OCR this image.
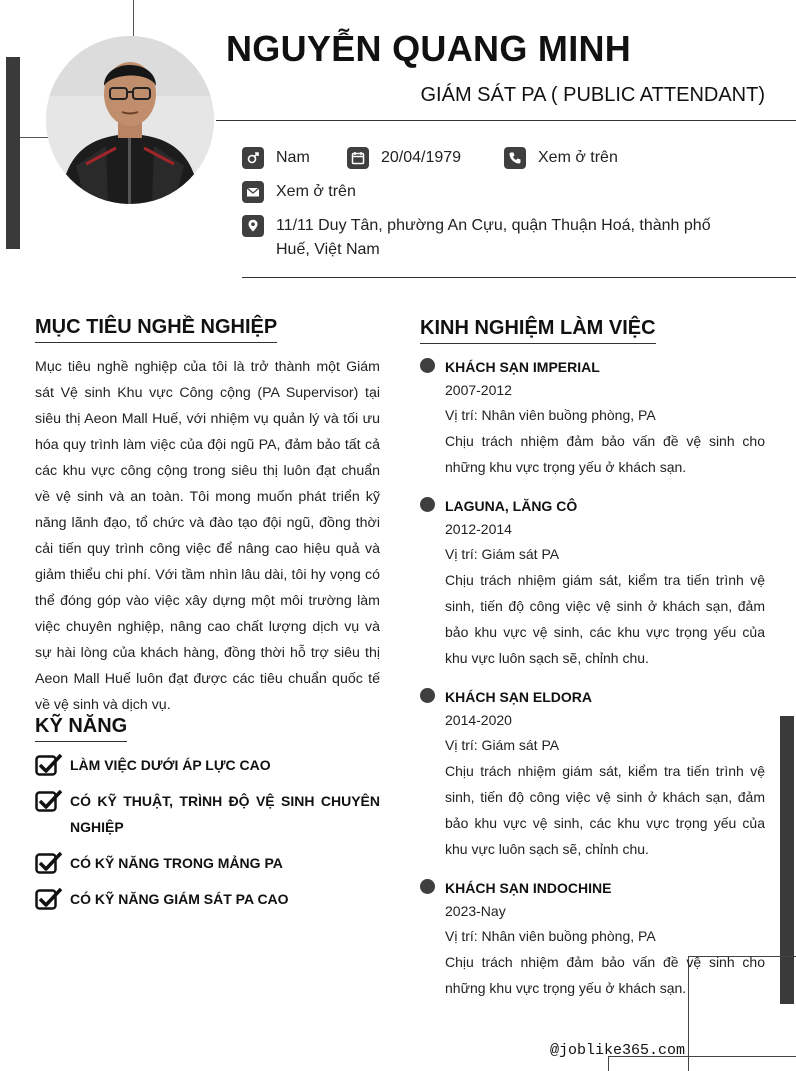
NGUYỄN QUANG MINH
GIÁM SÁT PA ( PUBLIC ATTENDANT)
Nam	20/04/1979	Xem ở trên
Xem ở trên
11/11 Duy Tân, phường An Cựu, quận Thuận Hoá, thành phố Huế, Việt Nam
MỤC TIÊU NGHỀ NGHIỆP
Mục tiêu nghề nghiệp của tôi là trở thành một Giám sát Vệ sinh Khu vực Công cộng (PA Supervisor) tại siêu thị Aeon Mall Huế, với nhiệm vụ quản lý và tối ưu hóa quy trình làm việc của đội ngũ PA, đảm bảo tất cả các khu vực công cộng trong siêu thị luôn đạt chuẩn về vệ sinh và an toàn. Tôi mong muốn phát triển kỹ năng lãnh đạo, tổ chức và đào tạo đội ngũ, đồng thời cải tiến quy trình công việc để nâng cao hiệu quả và giảm thiểu chi phí. Với tầm nhìn lâu dài, tôi hy vọng có thể đóng góp vào việc xây dựng một môi trường làm việc chuyên nghiệp, nâng cao chất lượng dịch vụ và sự hài lòng của khách hàng, đồng thời hỗ trợ siêu thị Aeon Mall Huế luôn đạt được các tiêu chuẩn quốc tế về vệ sinh và dịch vụ.
KỸ NĂNG
LÀM VIỆC DƯỚI ÁP LỰC CAO
CÓ KỸ THUẬT, TRÌNH ĐỘ VỆ SINH CHUYÊN NGHIỆP
CÓ KỸ NĂNG TRONG MẢNG PA
CÓ KỸ NĂNG GIÁM SÁT PA CAO
KINH NGHIỆM LÀM VIỆC
KHÁCH SẠN IMPERIAL
2007-2012
Vị trí: Nhân viên buồng phòng, PA
Chịu trách nhiệm đảm bảo vấn đề vệ sinh cho những khu vực trọng yếu ở khách sạn.
LAGUNA, LĂNG CÔ
2012-2014
Vị trí: Giám sát PA
Chịu trách nhiệm giám sát, kiểm tra tiến trình vệ sinh, tiến độ công việc vệ sinh ở khách sạn, đảm bảo khu vực vệ sinh, các khu vực trọng yếu của khu vực luôn sạch sẽ, chỉnh chu.
KHÁCH SẠN ELDORA
2014-2020
Vị trí: Giám sát PA
Chịu trách nhiệm giám sát, kiểm tra tiến trình vệ sinh, tiến độ công việc vệ sinh ở khách sạn, đảm bảo khu vực vệ sinh, các khu vực trọng yếu của khu vực luôn sạch sẽ, chỉnh chu.
KHÁCH SẠN INDOCHINE
2023-Nay
Vị trí: Nhân viên buồng phòng, PA
Chịu trách nhiệm đảm bảo vấn đề vệ sinh cho những khu vực trọng yếu ở khách sạn.
@joblike365.com
